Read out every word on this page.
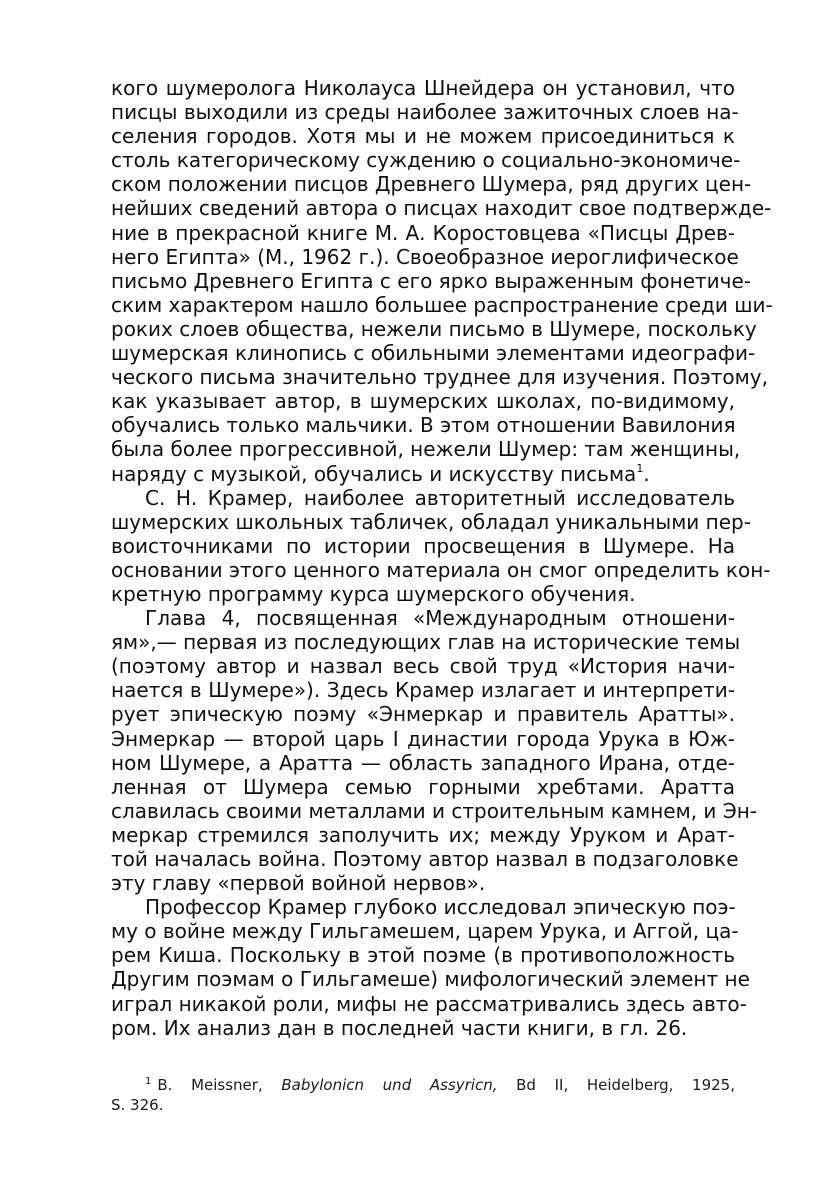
кого шумеролога Николауса Шнейдера он установил, что
писцы выходили из среды наиболее зажиточных слоев на-
селения городов. Хотя мы и не можем присоединиться к
столь категорическому суждению о социально-экономиче-
ском положении писцов Древнего Шумера, ряд других цен-
нейших сведений автора о писцах находит свое подтвержде-
ние в прекрасной книге М. А. Коростовцева «Писцы Древ-
него Египта» (М., 1962 г.). Своеобразное иероглифическое
письмо Древнего Египта с его ярко выраженным фонетиче-
ским характером нашло большее распространение среди ши-
роких слоев общества, нежели письмо в Шумере, поскольку
шумерская клинопись с обильными элементами идеографи-
ческого письма значительно труднее для изучения. Поэтому,
как указывает автор, в шумерских школах, по-видимому,
обучались только мальчики. В этом отношении Вавилония
была более прогрессивной, нежели Шумер: там женщины,
наряду с музыкой, обучались и искусству письма$^1$.
С. Н. Крамер, наиболее авторитетный исследователь
шумерских школьных табличек, обладал уникальными пер-
воисточниками по истории просвещения в Шумере. На
основании этого ценного материала он смог определить кон-
кретную программу курса шумерского обучения.
Глава 4, посвященная «Международным отношени-
ям»,— первая из последующих глав на исторические темы
(поэтому автор и назвал весь свой труд «История начи-
нается в Шумере»). Здесь Крамер излагает и интерпрети-
рует эпическую поэму «Энмеркар и правитель Аратты».
Энмеркар — второй царь I династии города Урука в Юж-
ном Шумере, а Аратта — область западного Ирана, отде-
ленная от Шумера семью горными хребтами. Аратта
славилась своими металлами и строительным камнем, и Эн-
меркар стремился заполучить их; между Уруком и Арат-
той началась война. Поэтому автор назвал в подзаголовке
эту главу «первой войной нервов».
Профессор Крамер глубоко исследовал эпическую поэ-
му о войне между Гильгамешем, царем Урука, и Аггой, ца-
рем Киша. Поскольку в этой поэме (в противоположность
Другим поэмам о Гильгамеше) мифологический элемент не
играл никакой роли, мифы не рассматривались здесь авто-
ром. Их анализ дан в последней части книги, в гл. 26.
$^1$ B. Meissner, Babylonicn und Assyricn, Bd II, Heidelberg, 1925,
S. 326.
